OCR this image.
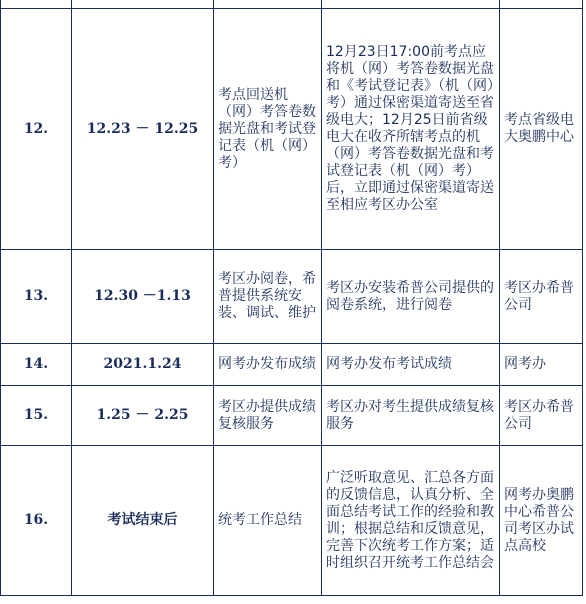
12.	12.23 － 12.25	考点回送机（网）考答卷数据光盘和考试登记表（机（网）考）	12月23日17:00前考点应将机（网）考答卷数据光盘和《考试登记表》（机（网）考）通过保密渠道寄送至省级电大；12月25日前省级电大在收齐所辖考点的机（网）考答卷数据光盘和考试登记表（机（网）考）后，立即通过保密渠道寄送至相应考区办公室	考点省级电大奥鹏中心
13.	12.30 －1.13	考区办阅卷，希普提供系统安装、调试、维护	考区办安装希普公司提供的阅卷系统，进行阅卷	考区办希普公司
14.	2021.1.24	网考办发布成绩	网考办发布考试成绩	网考办
15.	1.25 － 2.25	考区办提供成绩复核服务	考区办对考生提供成绩复核服务	考区办希普公司
16.	考试结束后	统考工作总结	广泛听取意见、汇总各方面的反馈信息，认真分析、全面总结考试工作的经验和教训；根据总结和反馈意见，完善下次统考工作方案；适时组织召开统考工作总结会	网考办奥鹏中心希普公司考区办试点高校
